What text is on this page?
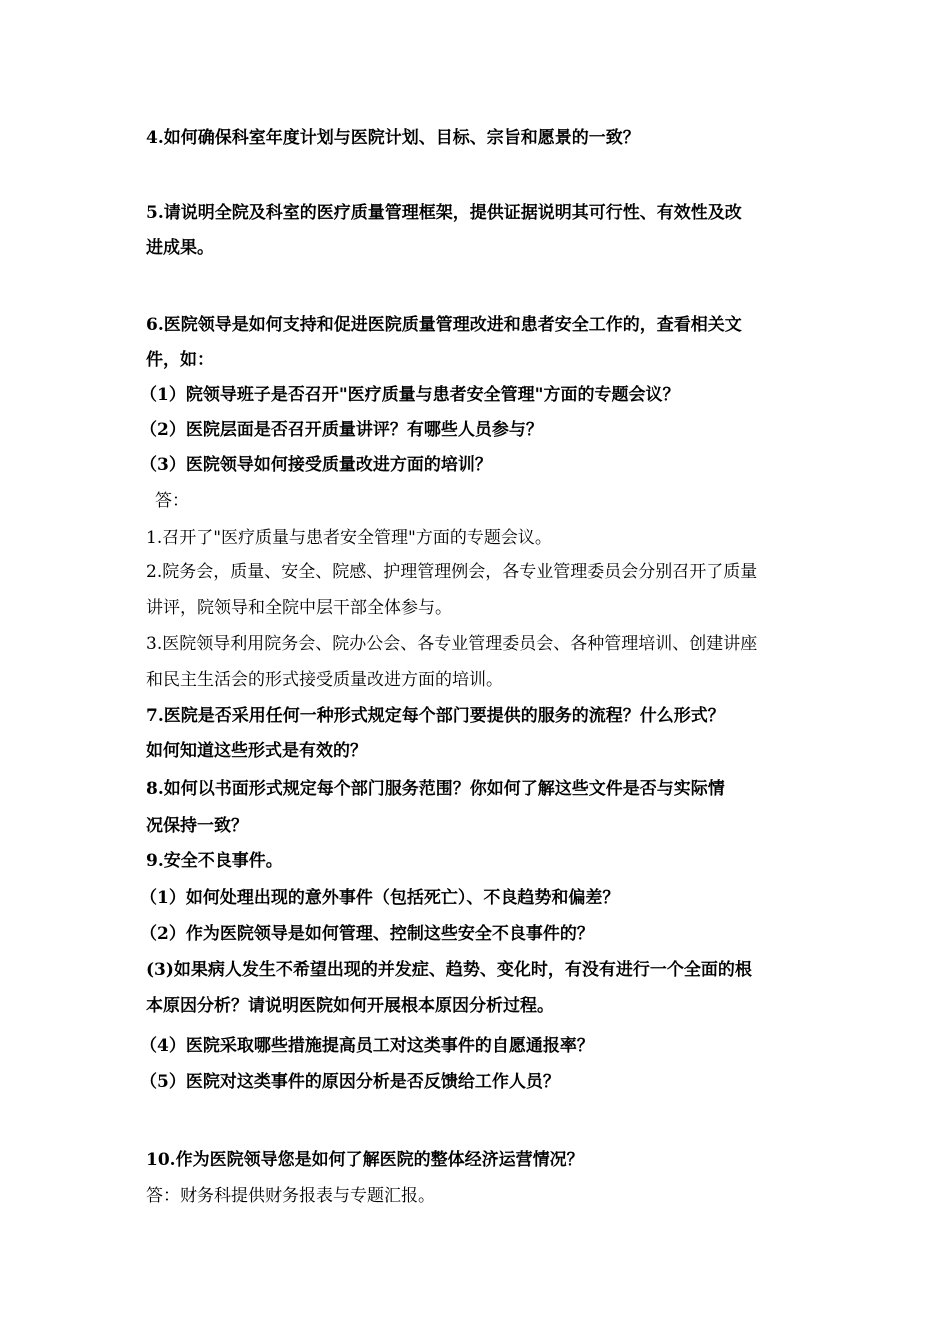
4.如何确保科室年度计划与医院计划、目标、宗旨和愿景的一致？
5.请说明全院及科室的医疗质量管理框架，提供证据说明其可行性、有效性及改
进成果。
6.医院领导是如何支持和促进医院质量管理改进和患者安全工作的，查看相关文
件，如：
（1）院领导班子是否召开"医疗质量与患者安全管理"方面的专题会议？
（2）医院层面是否召开质量讲评？有哪些人员参与？
（3）医院领导如何接受质量改进方面的培训？
答：
1.召开了"医疗质量与患者安全管理"方面的专题会议。
2.院务会，质量、安全、院感、护理管理例会，各专业管理委员会分别召开了质量
讲评，院领导和全院中层干部全体参与。
3.医院领导利用院务会、院办公会、各专业管理委员会、各种管理培训、创建讲座
和民主生活会的形式接受质量改进方面的培训。
7.医院是否采用任何一种形式规定每个部门要提供的服务的流程？什么形式？
如何知道这些形式是有效的？
8.如何以书面形式规定每个部门服务范围？你如何了解这些文件是否与实际情
况保持一致？
9.安全不良事件。
（1）如何处理出现的意外事件（包括死亡）、不良趋势和偏差？
（2）作为医院领导是如何管理、控制这些安全不良事件的？
(3)如果病人发生不希望出现的并发症、趋势、变化时，有没有进行一个全面的根
本原因分析？请说明医院如何开展根本原因分析过程。
（4）医院采取哪些措施提高员工对这类事件的自愿通报率？
（5）医院对这类事件的原因分析是否反馈给工作人员？
10.作为医院领导您是如何了解医院的整体经济运营情况？
答：财务科提供财务报表与专题汇报。
